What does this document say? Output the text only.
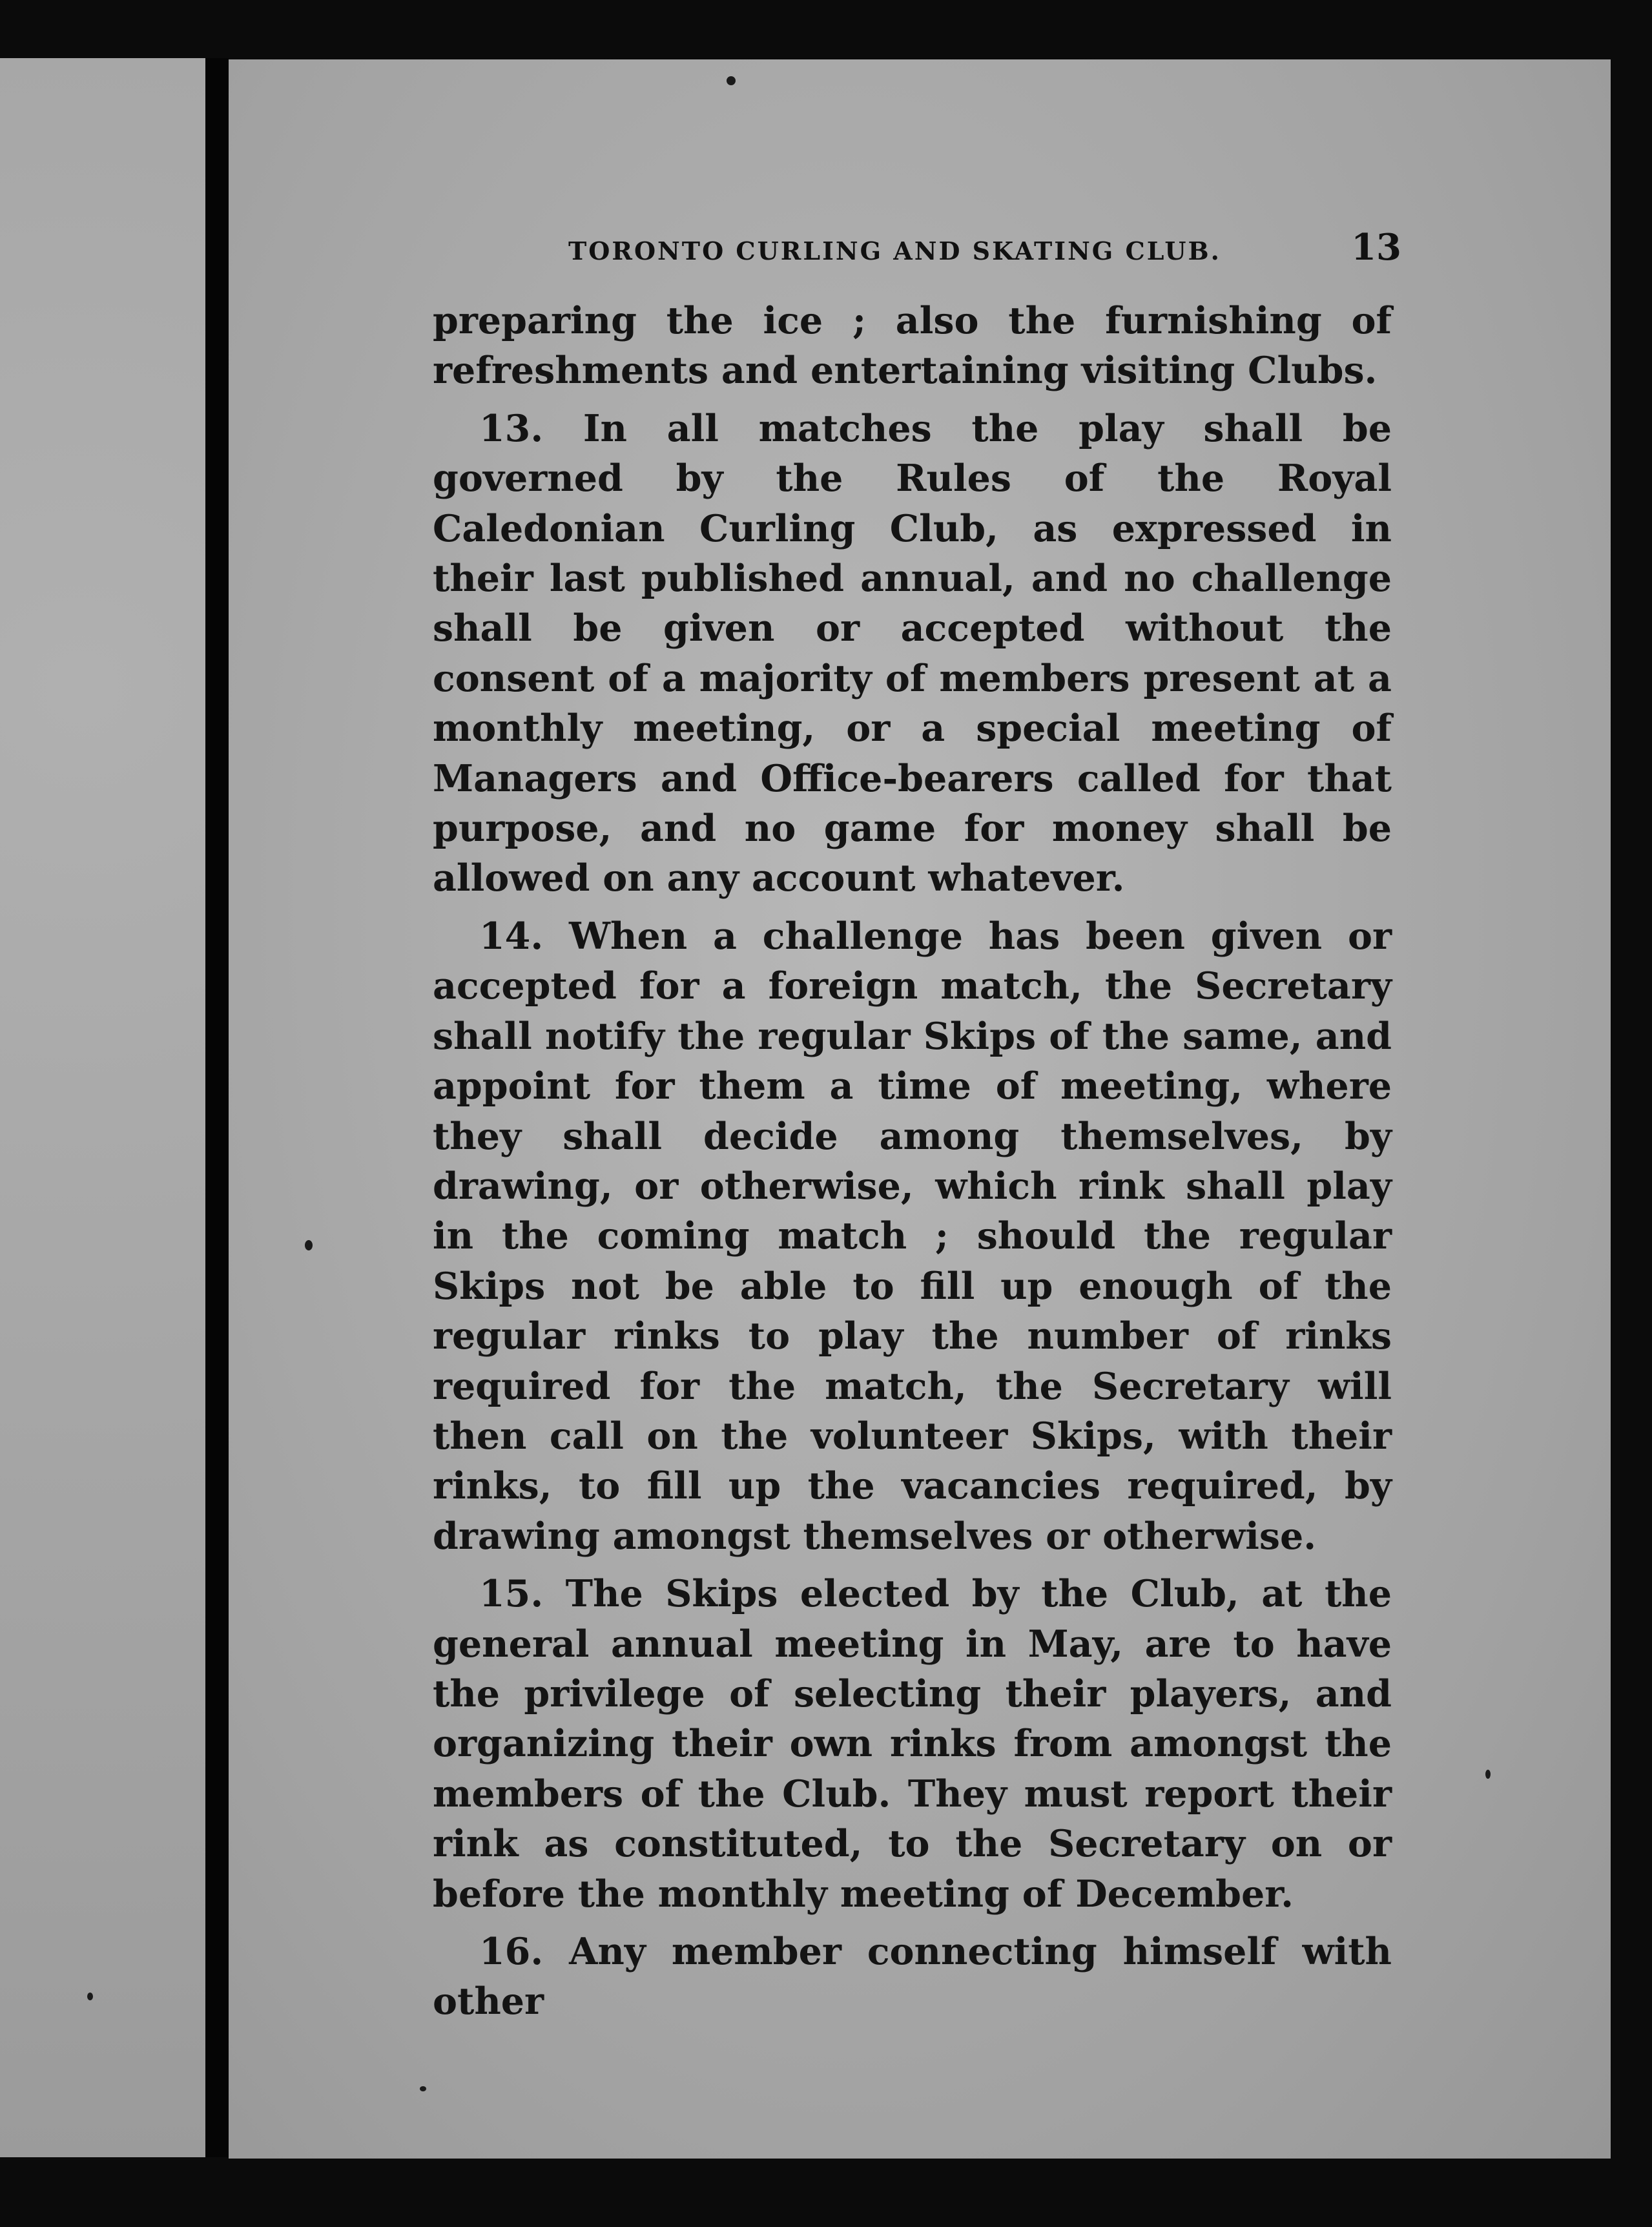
TORONTO CURLING AND SKATING CLUB.	13

preparing the ice ; also the furnishing of refreshments and entertaining visiting Clubs.

13. In all matches the play shall be governed by the Rules of the Royal Caledonian Curling Club, as expressed in their last published annual, and no challenge shall be given or accepted without the consent of a majority of members present at a monthly meeting, or a special meeting of Managers and Office-bearers called for that purpose, and no game for money shall be allowed on any account whatever.

14. When a challenge has been given or accepted for a foreign match, the Secretary shall notify the regular Skips of the same, and appoint for them a time of meeting, where they shall decide among themselves, by drawing, or otherwise, which rink shall play in the coming match ; should the regular Skips not be able to fill up enough of the regular rinks to play the number of rinks required for the match, the Secretary will then call on the volunteer Skips, with their rinks, to fill up the vacancies required, by drawing amongst themselves or otherwise.

15. The Skips elected by the Club, at the general annual meeting in May, are to have the privilege of selecting their players, and organizing their own rinks from amongst the members of the Club. They must report their rink as constituted, to the Secretary on or before the monthly meeting of December.

16. Any member connecting himself with other
